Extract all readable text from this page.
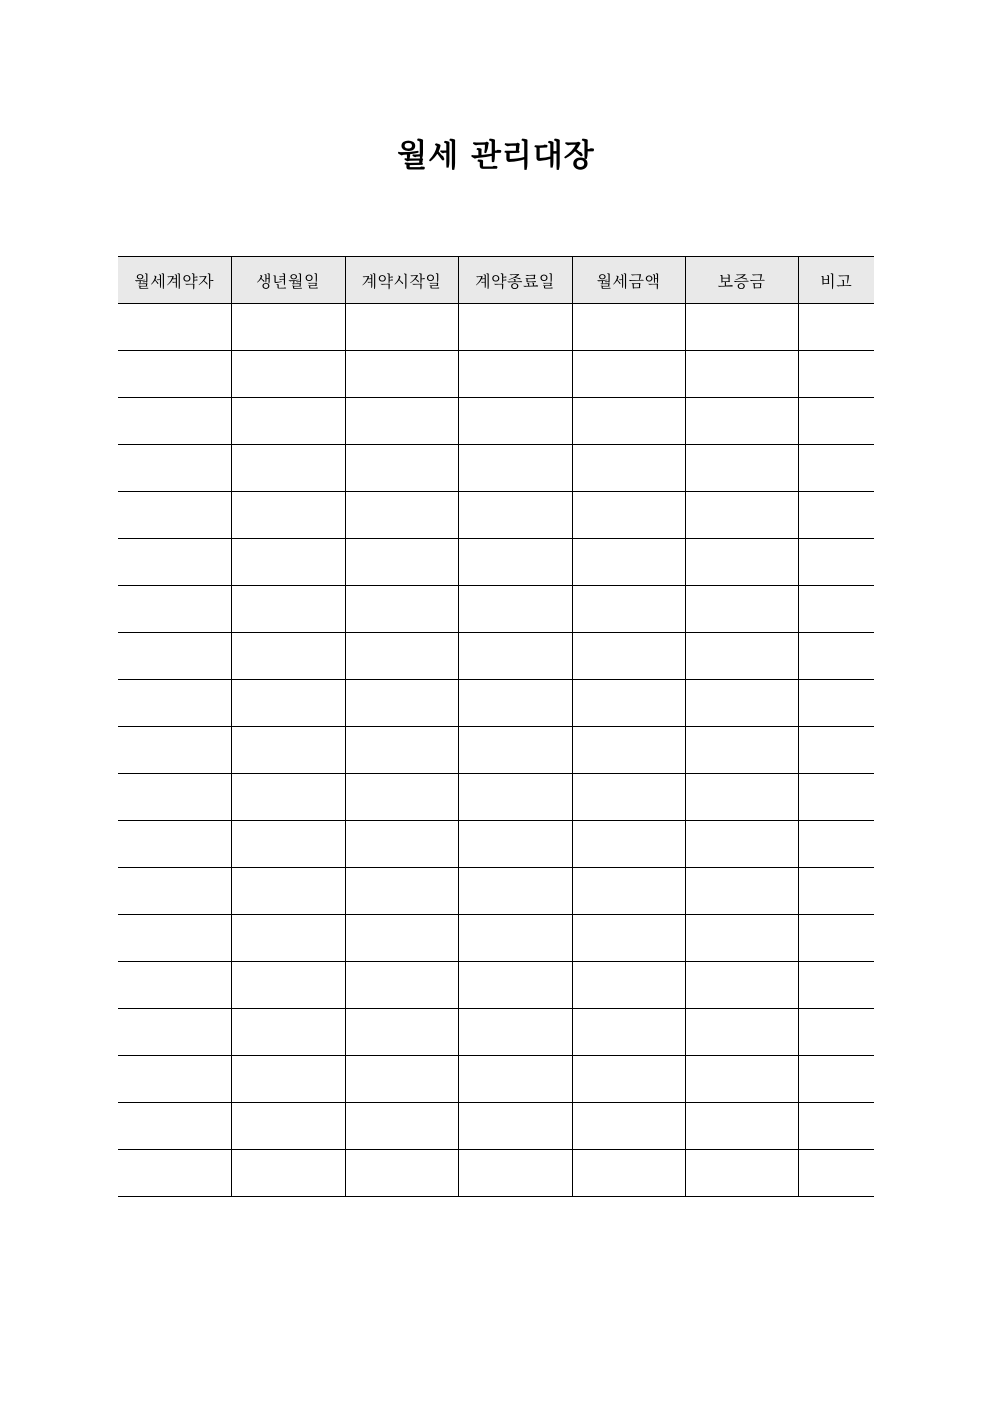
월세 관리대장
월세계약자	생년월일	계약시작일	계약종료일	월세금액	보증금	비고
